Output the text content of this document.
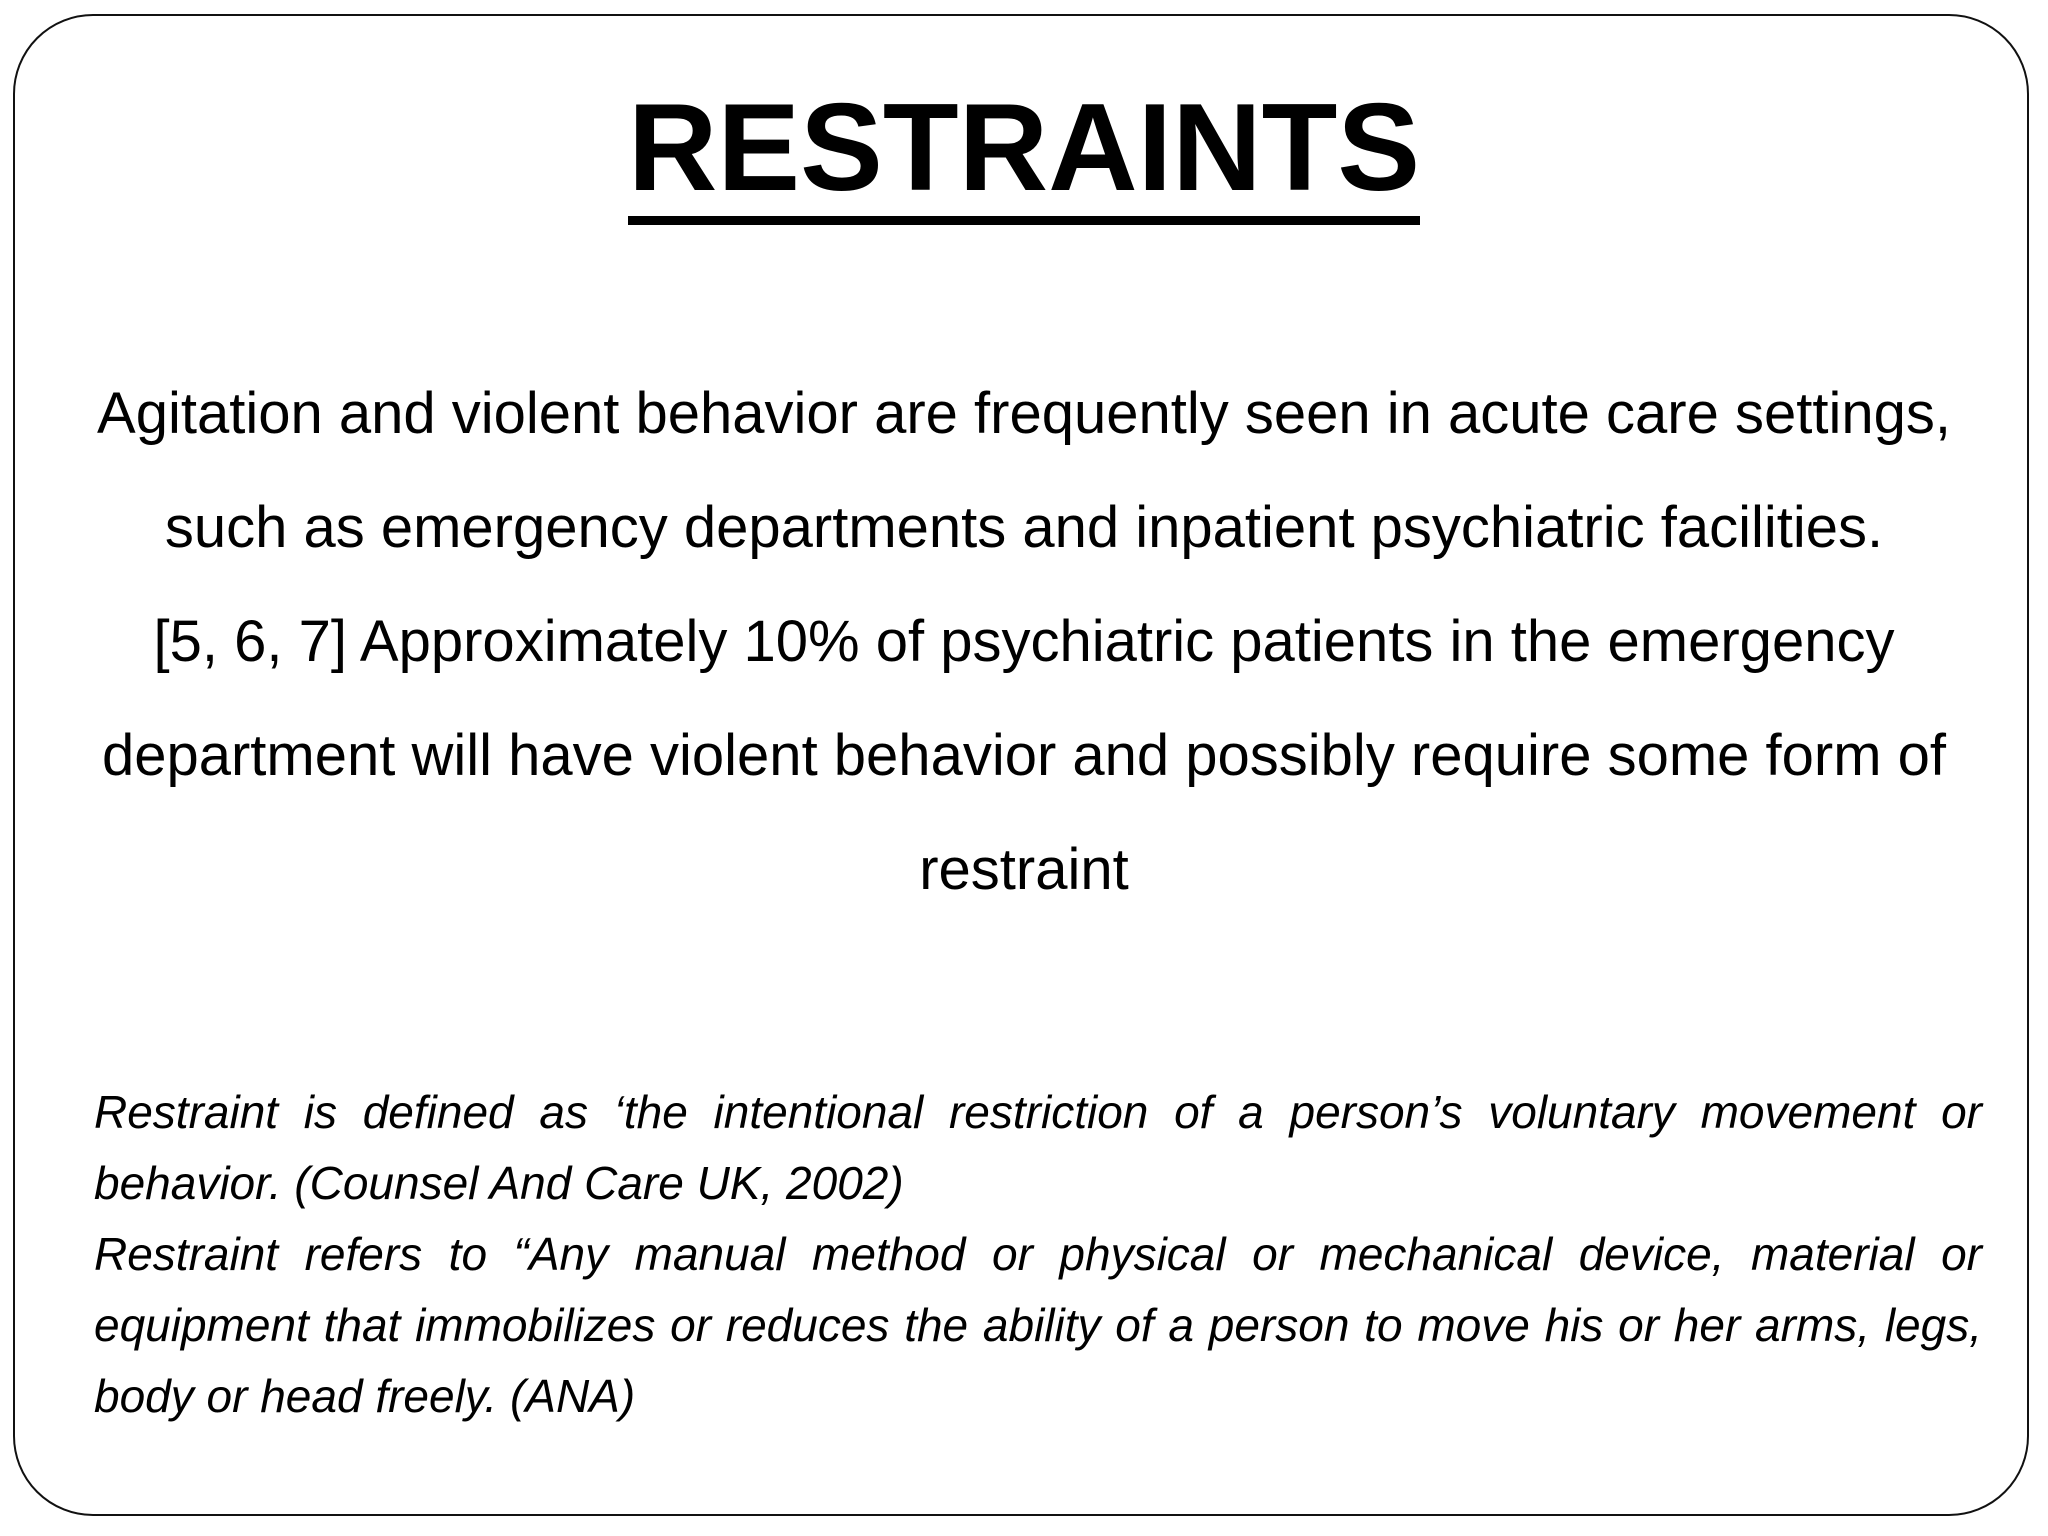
RESTRAINTS

Agitation and violent behavior are frequently seen in acute care settings, such as emergency departments and inpatient psychiatric facilities.

[5, 6, 7] Approximately 10% of psychiatric patients in the emergency department will have violent behavior and possibly require some form of restraint

Restraint is defined as ‘the intentional restriction of a person’s voluntary movement or behavior. (Counsel And Care UK, 2002)

Restraint refers to “Any manual method or physical or mechanical device, material or equipment that immobilizes or reduces the ability of a person to move his or her arms, legs, body or head freely. (ANA)
